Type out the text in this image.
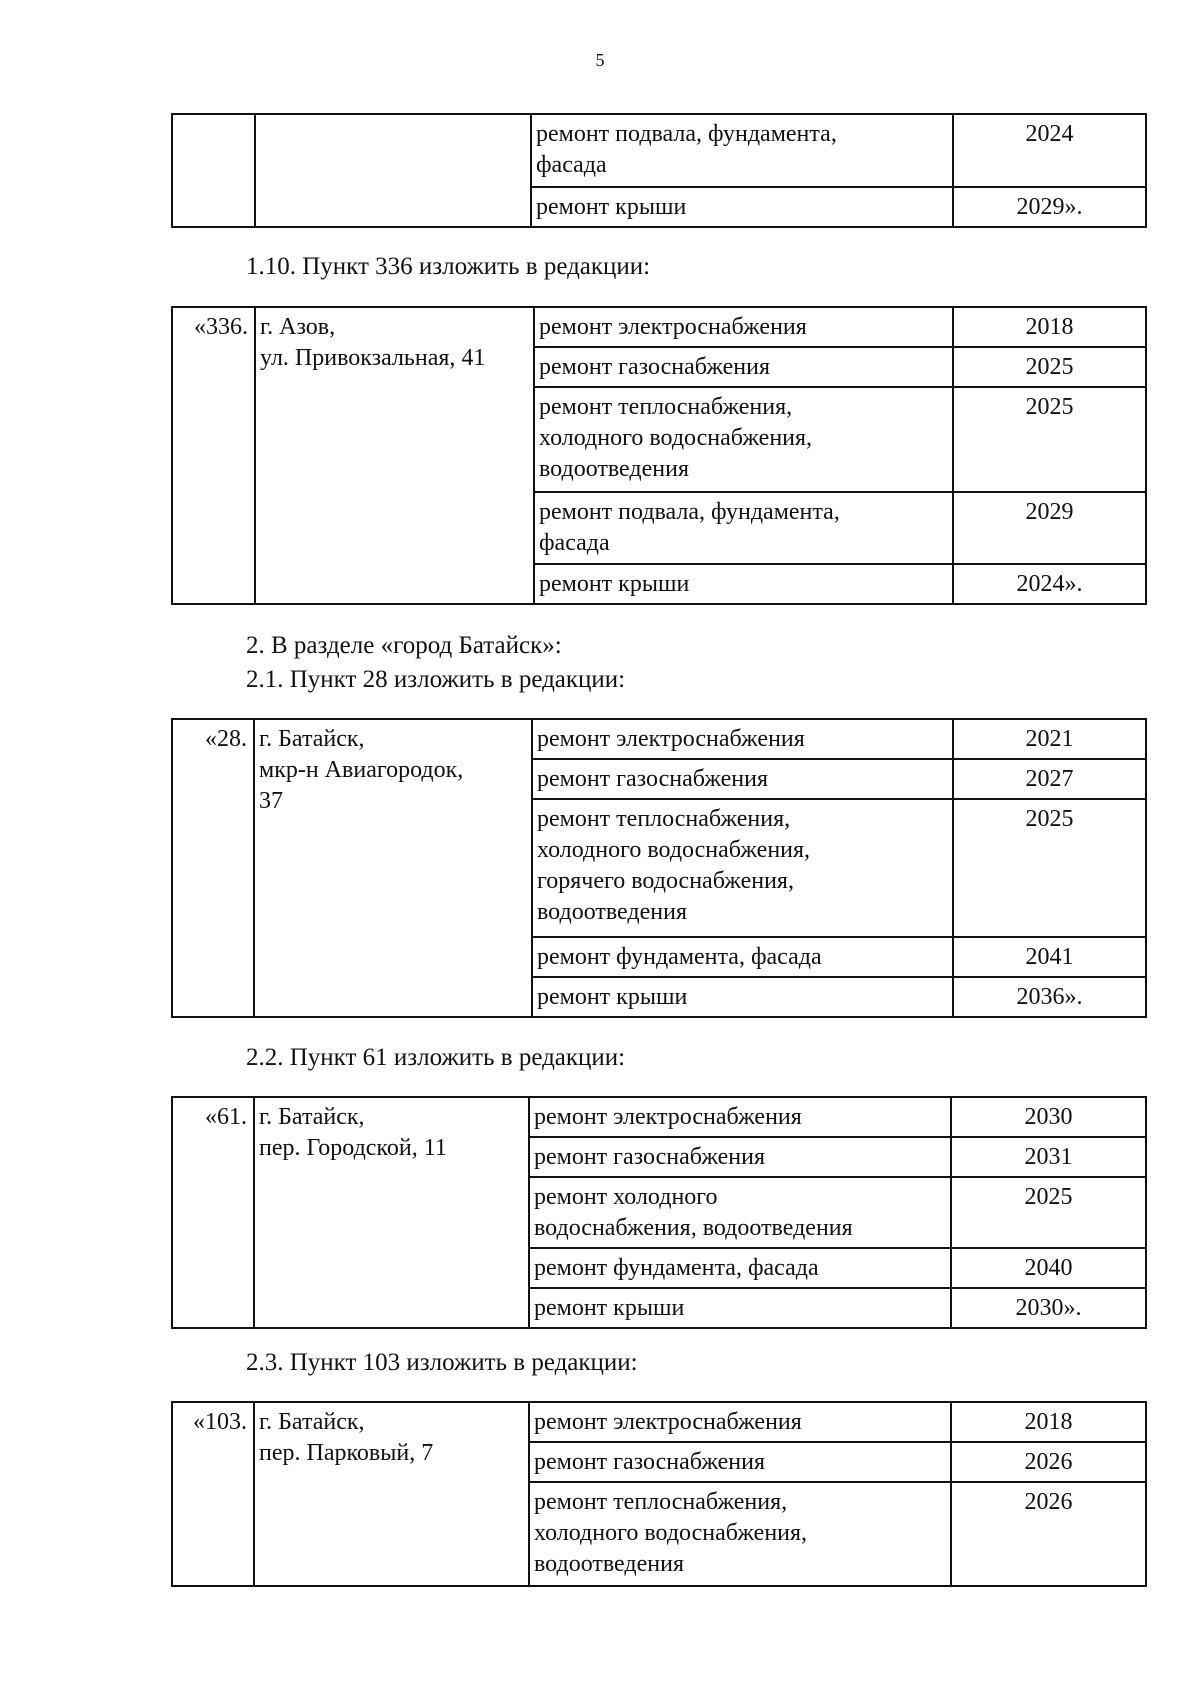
5
		ремонт подвала, фундамента,
фасада	2024
		ремонт крыши	2029».
1.10. Пункт 336 изложить в редакции:
«336.	г. Азов,
ул. Привокзальная, 41	ремонт электроснабжения	2018
		ремонт газоснабжения	2025
		ремонт теплоснабжения,
холодного водоснабжения,
водоотведения	2025
		ремонт подвала, фундамента,
фасада	2029
		ремонт крыши	2024».
2. В разделе «город Батайск»:
2.1. Пункт 28 изложить в редакции:
«28.	г. Батайск,
мкр-н Авиагородок,
37	ремонт электроснабжения	2021
		ремонт газоснабжения	2027
		ремонт теплоснабжения,
холодного водоснабжения,
горячего водоснабжения,
водоотведения	2025
		ремонт фундамента, фасада	2041
		ремонт крыши	2036».
2.2. Пункт 61 изложить в редакции:
«61.	г. Батайск,
пер. Городской, 11	ремонт электроснабжения	2030
		ремонт газоснабжения	2031
		ремонт холодного
водоснабжения, водоотведения	2025
		ремонт фундамента, фасада	2040
		ремонт крыши	2030».
2.3. Пункт 103 изложить в редакции:
«103.	г. Батайск,
пер. Парковый, 7	ремонт электроснабжения	2018
		ремонт газоснабжения	2026
		ремонт теплоснабжения,
холодного водоснабжения,
водоотведения	2026
